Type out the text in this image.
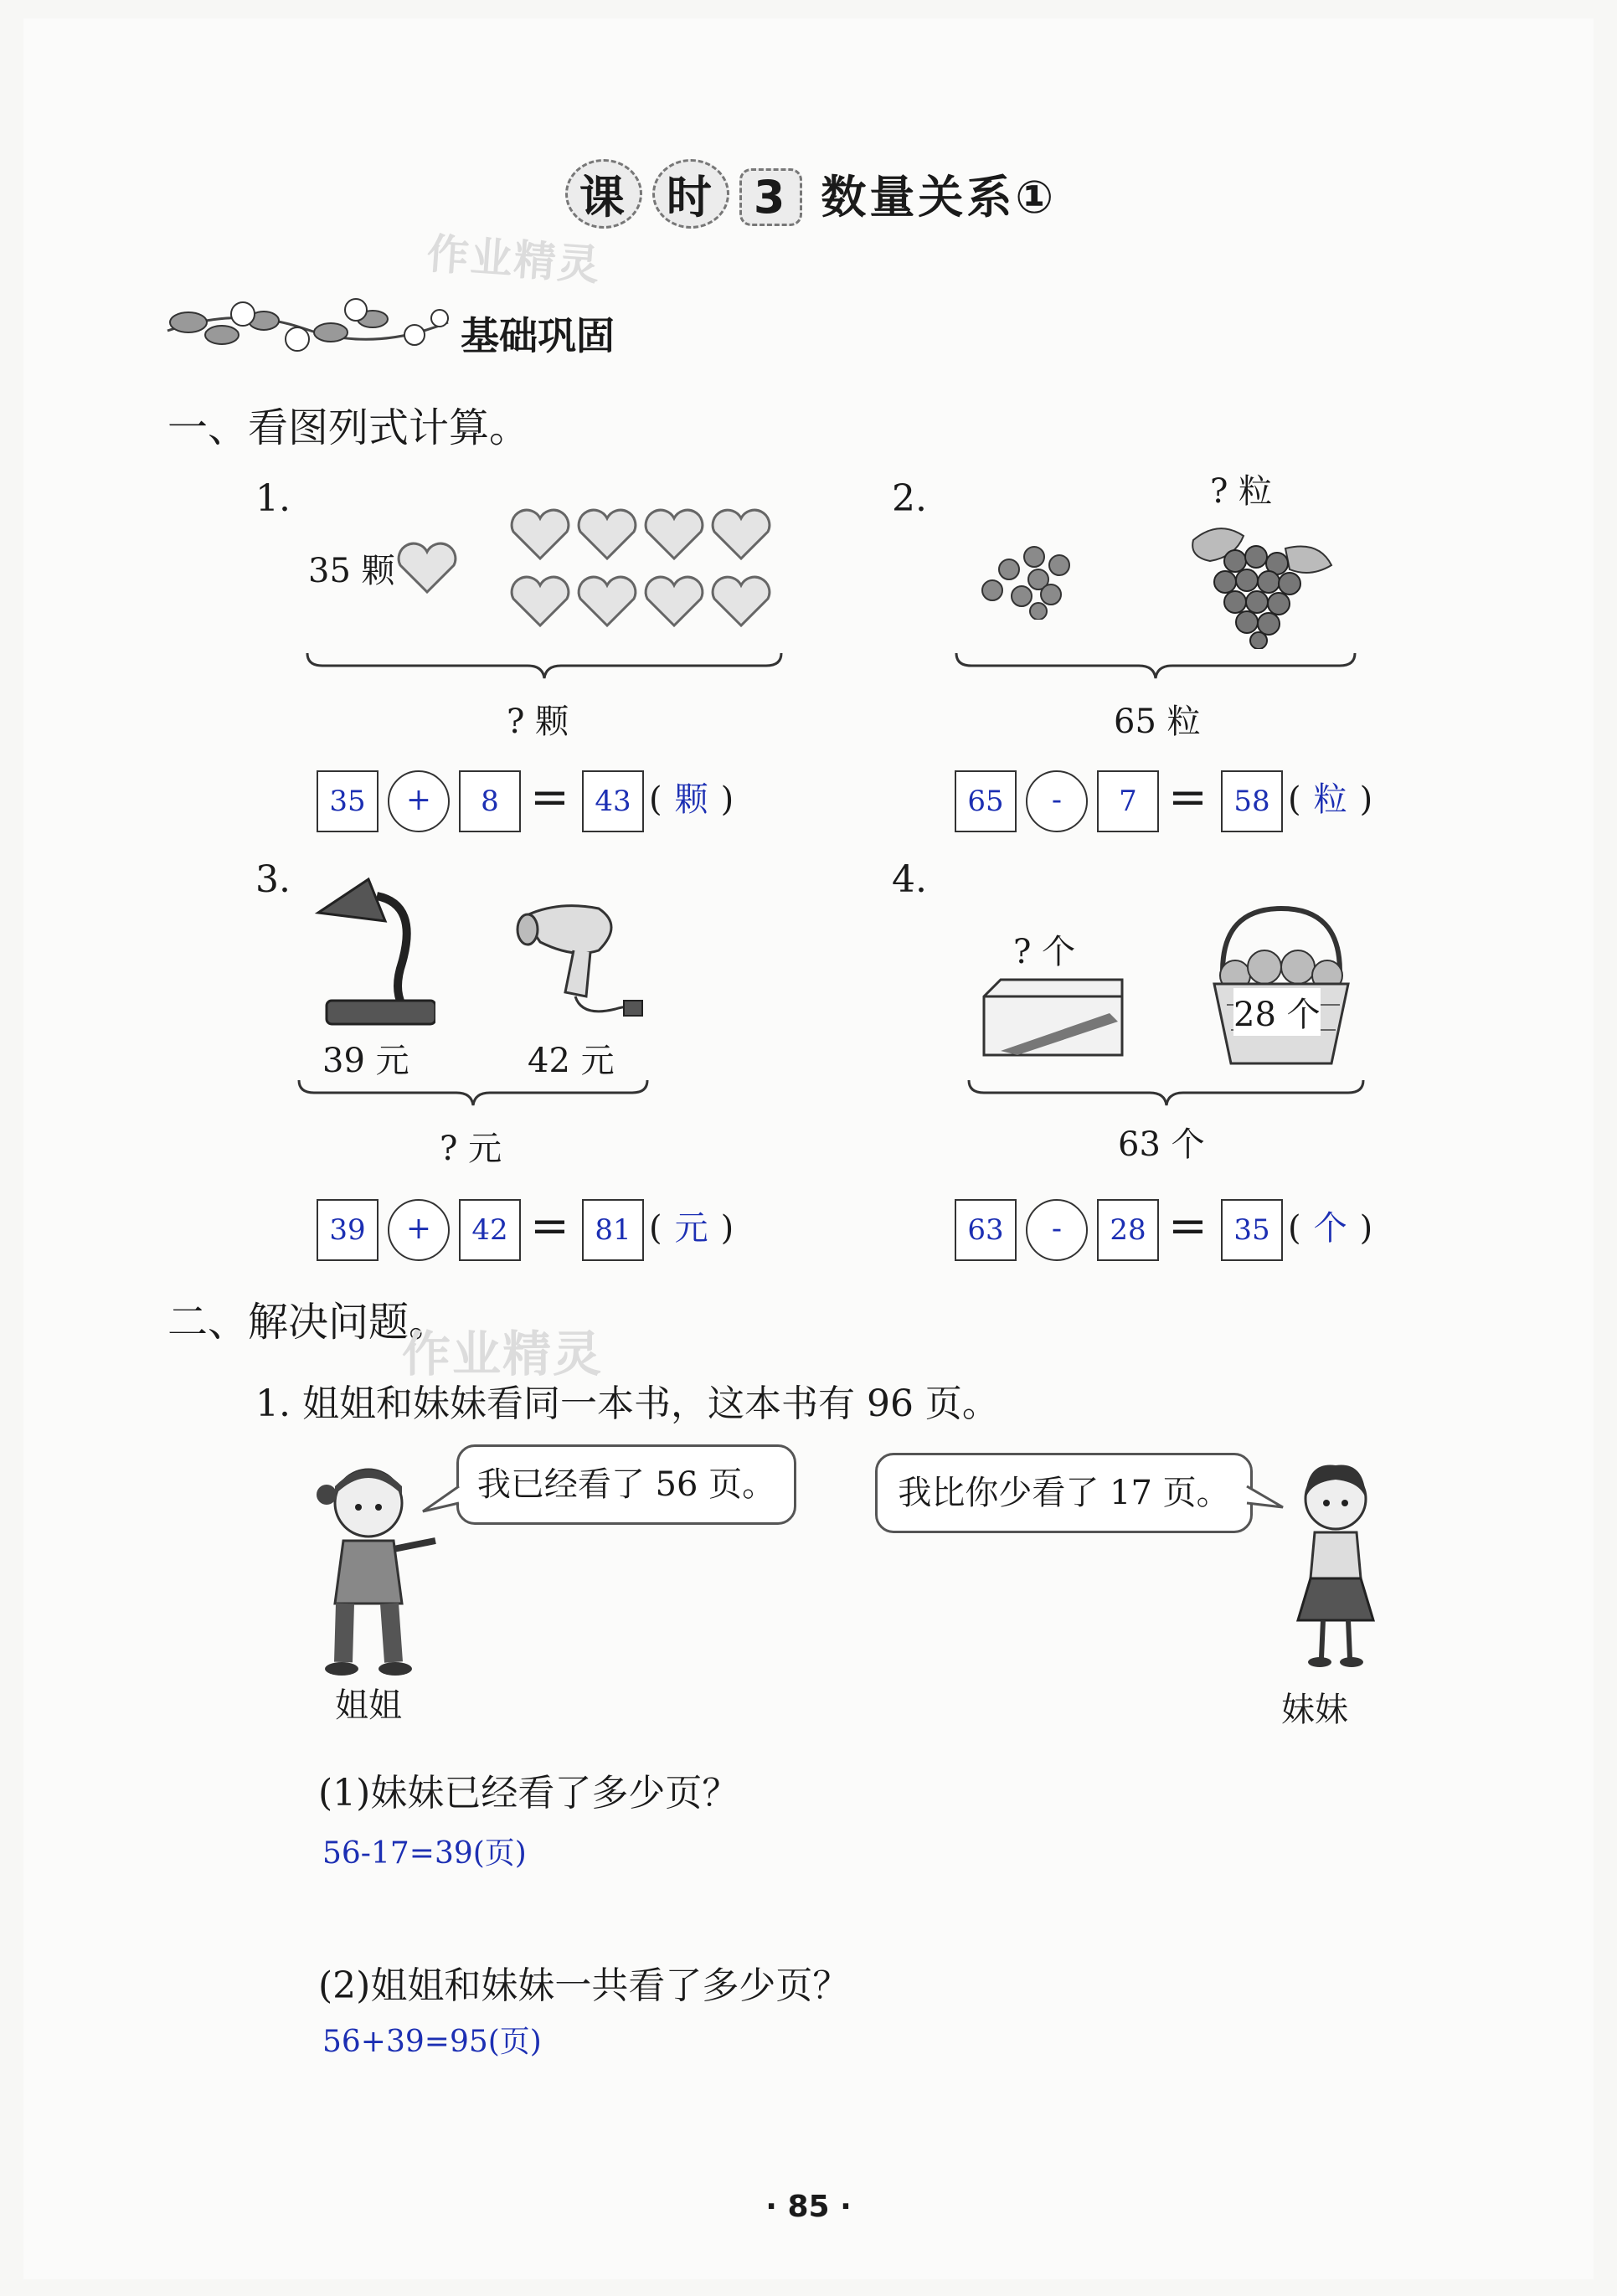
课 时 3 数量关系①
作业精灵
基础巩固
一、看图列式计算。
1.
35 颗
? 颗
35	+	8 = 43 ( 颗 )
2.	? 粒
65 粒
65	-	7 = 58 ( 粒 )
3.
39 元	42 元
? 元
39	+	42 = 81 ( 元 )
4.
? 个
28 个
63 个
63	-	28 = 35 ( 个 )
二、解决问题。
作业精灵
1. 姐姐和妹妹看同一本书，这本书有 96 页。
我已经看了 56 页。
姐姐
我比你少看了 17 页。
妹妹
(1)妹妹已经看了多少页？
56-17=39(页)
(2)姐姐和妹妹一共看了多少页？
56+39=95(页)
· 85 ·
